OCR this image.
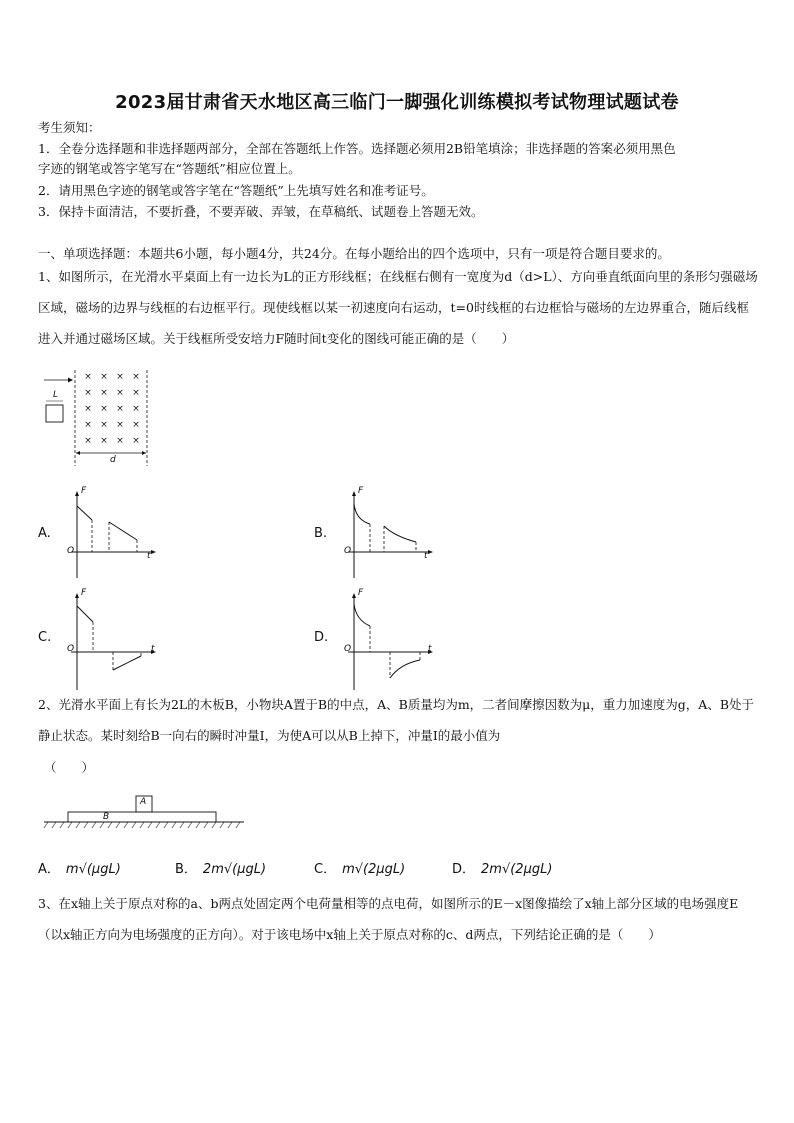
2023届甘肃省天水地区高三临门一脚强化训练模拟考试物理试题试卷
考生须知：
1．全卷分选择题和非选择题两部分，全部在答题纸上作答。选择题必须用2B铅笔填涂；非选择题的答案必须用黑色
字迹的钢笔或答字笔写在“答题纸”相应位置上。
2．请用黑色字迹的钢笔或答字笔在“答题纸”上先填写姓名和准考证号。
3．保持卡面清洁，不要折叠，不要弄破、弄皱，在草稿纸、试题卷上答题无效。
一、单项选择题：本题共6小题，每小题4分，共24分。在每小题给出的四个选项中，只有一项是符合题目要求的。
1、如图所示，在光滑水平桌面上有一边长为L的正方形线框；在线框右侧有一宽度为d（d>L）、方向垂直纸面向里的条形匀强磁场区域，磁场的边界与线框的右边框平行。现使线框以某一初速度向右运动，t=0时线框的右边框恰与磁场的左边界重合，随后线框进入并通过磁场区域。关于线框所受安培力F随时间t变化的图线可能正确的是（　　）
× × × ×
× × × ×
× × × ×
× × × ×
× × × ×
L
d
A.
F
t
O
B.
F
t
O
C.
F
t
O
D.
F
t
O
2、光滑水平面上有长为2L的木板B，小物块A置于B的中点，A、B质量均为m，二者间摩擦因数为μ，重力加速度为g，A、B处于静止状态。某时刻给B一向右的瞬时冲量I，为使A可以从B上掉下，冲量I的最小值为
（　　）
A
B
A． m√(μgL)	B． 2m√(μgL)	C． m√(2μgL)	D． 2m√(2μgL)
3、在x轴上关于原点对称的a、b两点处固定两个电荷量相等的点电荷，如图所示的E－x图像描绘了x轴上部分区域的电场强度E（以x轴正方向为电场强度的正方向）。对于该电场中x轴上关于原点对称的c、d两点，下列结论正确的是（　　）
